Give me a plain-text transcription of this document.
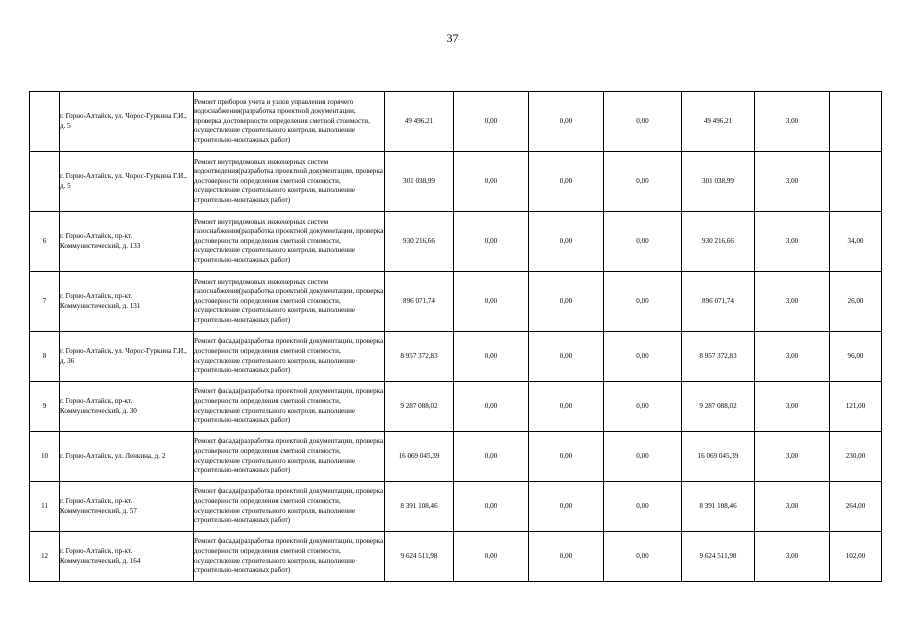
37
	г. Горно-Алтайск, ул. Чорос-Гуркина Г.И., д. 5	Ремонт приборов учета и узлов управления горячего водоснабжения(разработка проектной документации, проверка достоверности определения сметной стоимости, осуществление строительного контроля, выполнение строительно-монтажных работ)	49 496,21	0,00	0,00	0,00	49 496,21	3,00	
	г. Горно-Алтайск, ул. Чорос-Гуркина Г.И., д. 5	Ремонт внутридомовых инженерных систем водоотведения(разработка проектной документации, проверка достоверности определения сметной стоимости, осуществление строительного контроля, выполнение строительно-монтажных работ)	301 038,99	0,00	0,00	0,00	301 038,99	3,00	
6	г. Горно-Алтайск, пр-кт. Коммунистический, д. 133	Ремонт внутридомовых инженерных систем газоснабжения(разработка проектной документации, проверка достоверности определения сметной стоимости, осуществление строительного контроля, выполнение строительно-монтажных работ)	930 216,66	0,00	0,00	0,00	930 216,66	3,00	34,00
7	г. Горно-Алтайск, пр-кт. Коммунистический, д. 131	Ремонт внутридомовых инженерных систем газоснабжения(разработка проектной документации, проверка достоверности определения сметной стоимости, осуществление строительного контроля, выполнение строительно-монтажных работ)	896 071,74	0,00	0,00	0,00	896 071,74	3,00	26,00
8	г. Горно-Алтайск, ул. Чорос-Гуркина Г.И., д. 36	Ремонт фасада(разработка проектной документации, проверка достоверности определения сметной стоимости, осуществление строительного контроля, выполнение строительно-монтажных работ)	8 957 372,83	0,00	0,00	0,00	8 957 372,83	3,00	96,00
9	г. Горно-Алтайск, пр-кт. Коммунистический, д. 30	Ремонт фасада(разработка проектной документации, проверка достоверности определения сметной стоимости, осуществление строительного контроля, выполнение строительно-монтажных работ)	9 287 088,02	0,00	0,00	0,00	9 287 088,02	3,00	121,00
10	г. Горно-Алтайск, ул. Ленкина, д. 2	Ремонт фасада(разработка проектной документации, проверка достоверности определения сметной стоимости, осуществление строительного контроля, выполнение строительно-монтажных работ)	16 069 045,39	0,00	0,00	0,00	16 069 045,39	3,00	230,00
11	г. Горно-Алтайск, пр-кт. Коммунистический, д. 57	Ремонт фасада(разработка проектной документации, проверка достоверности определения сметной стоимости, осуществление строительного контроля, выполнение строительно-монтажных работ)	8 391 108,46	0,00	0,00	0,00	8 391 108,46	3,00	264,00
12	г. Горно-Алтайск, пр-кт. Коммунистический, д. 164	Ремонт фасада(разработка проектной документации, проверка достоверности определения сметной стоимости, осуществление строительного контроля, выполнение строительно-монтажных работ)	9 624 511,98	0,00	0,00	0,00	9 624 511,98	3,00	102,00
